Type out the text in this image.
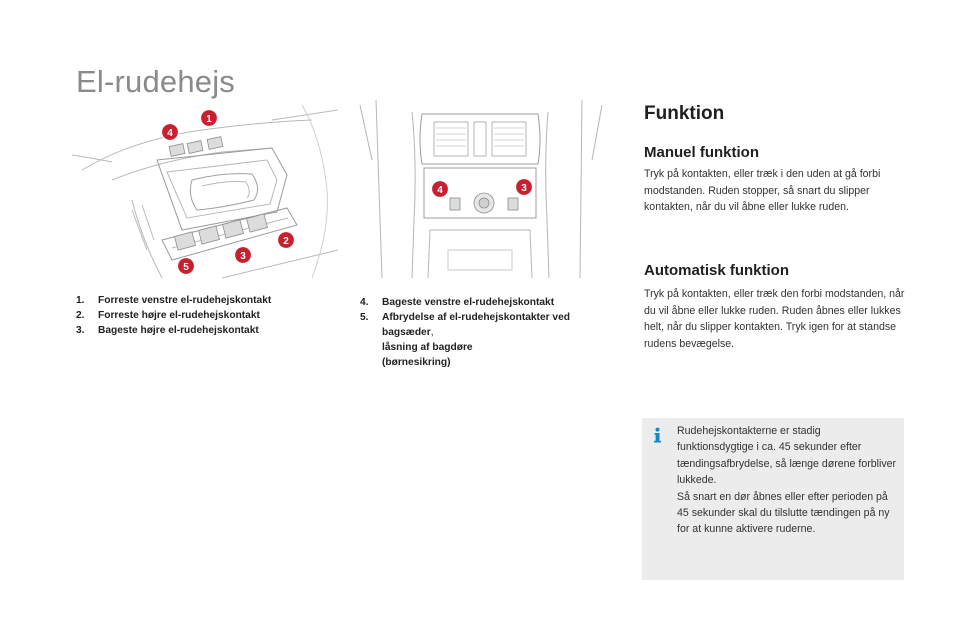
El-rudehejs
1
4
2
3
5
4	3
1. Forreste venstre el-rudehejskontakt
2. Forreste højre el-rudehejskontakt
3. Bageste højre el-rudehejskontakt
4. Bageste venstre el-rudehejskontakt
5. Afbrydelse af el-rudehejskontakter ved bagsæder,
låsning af bagdøre
(børnesikring)
Funktion
Manuel funktion
Tryk på kontakten, eller træk i den uden at gå forbi modstanden. Ruden stopper, så snart du slipper kontakten, når du vil åbne eller lukke ruden.
Automatisk funktion
Tryk på kontakten, eller træk den forbi modstanden, når du vil åbne eller lukke ruden. Ruden åbnes eller lukkes helt, når du slipper kontakten. Tryk igen for at standse rudens bevægelse.
Rudehejskontakterne er stadig funktionsdygtige i ca. 45 sekunder efter tændingsafbrydelse, så længe dørene forbliver lukkede.
Så snart en dør åbnes eller efter perioden på 45 sekunder skal du tilslutte tændingen på ny for at kunne aktivere ruderne.
